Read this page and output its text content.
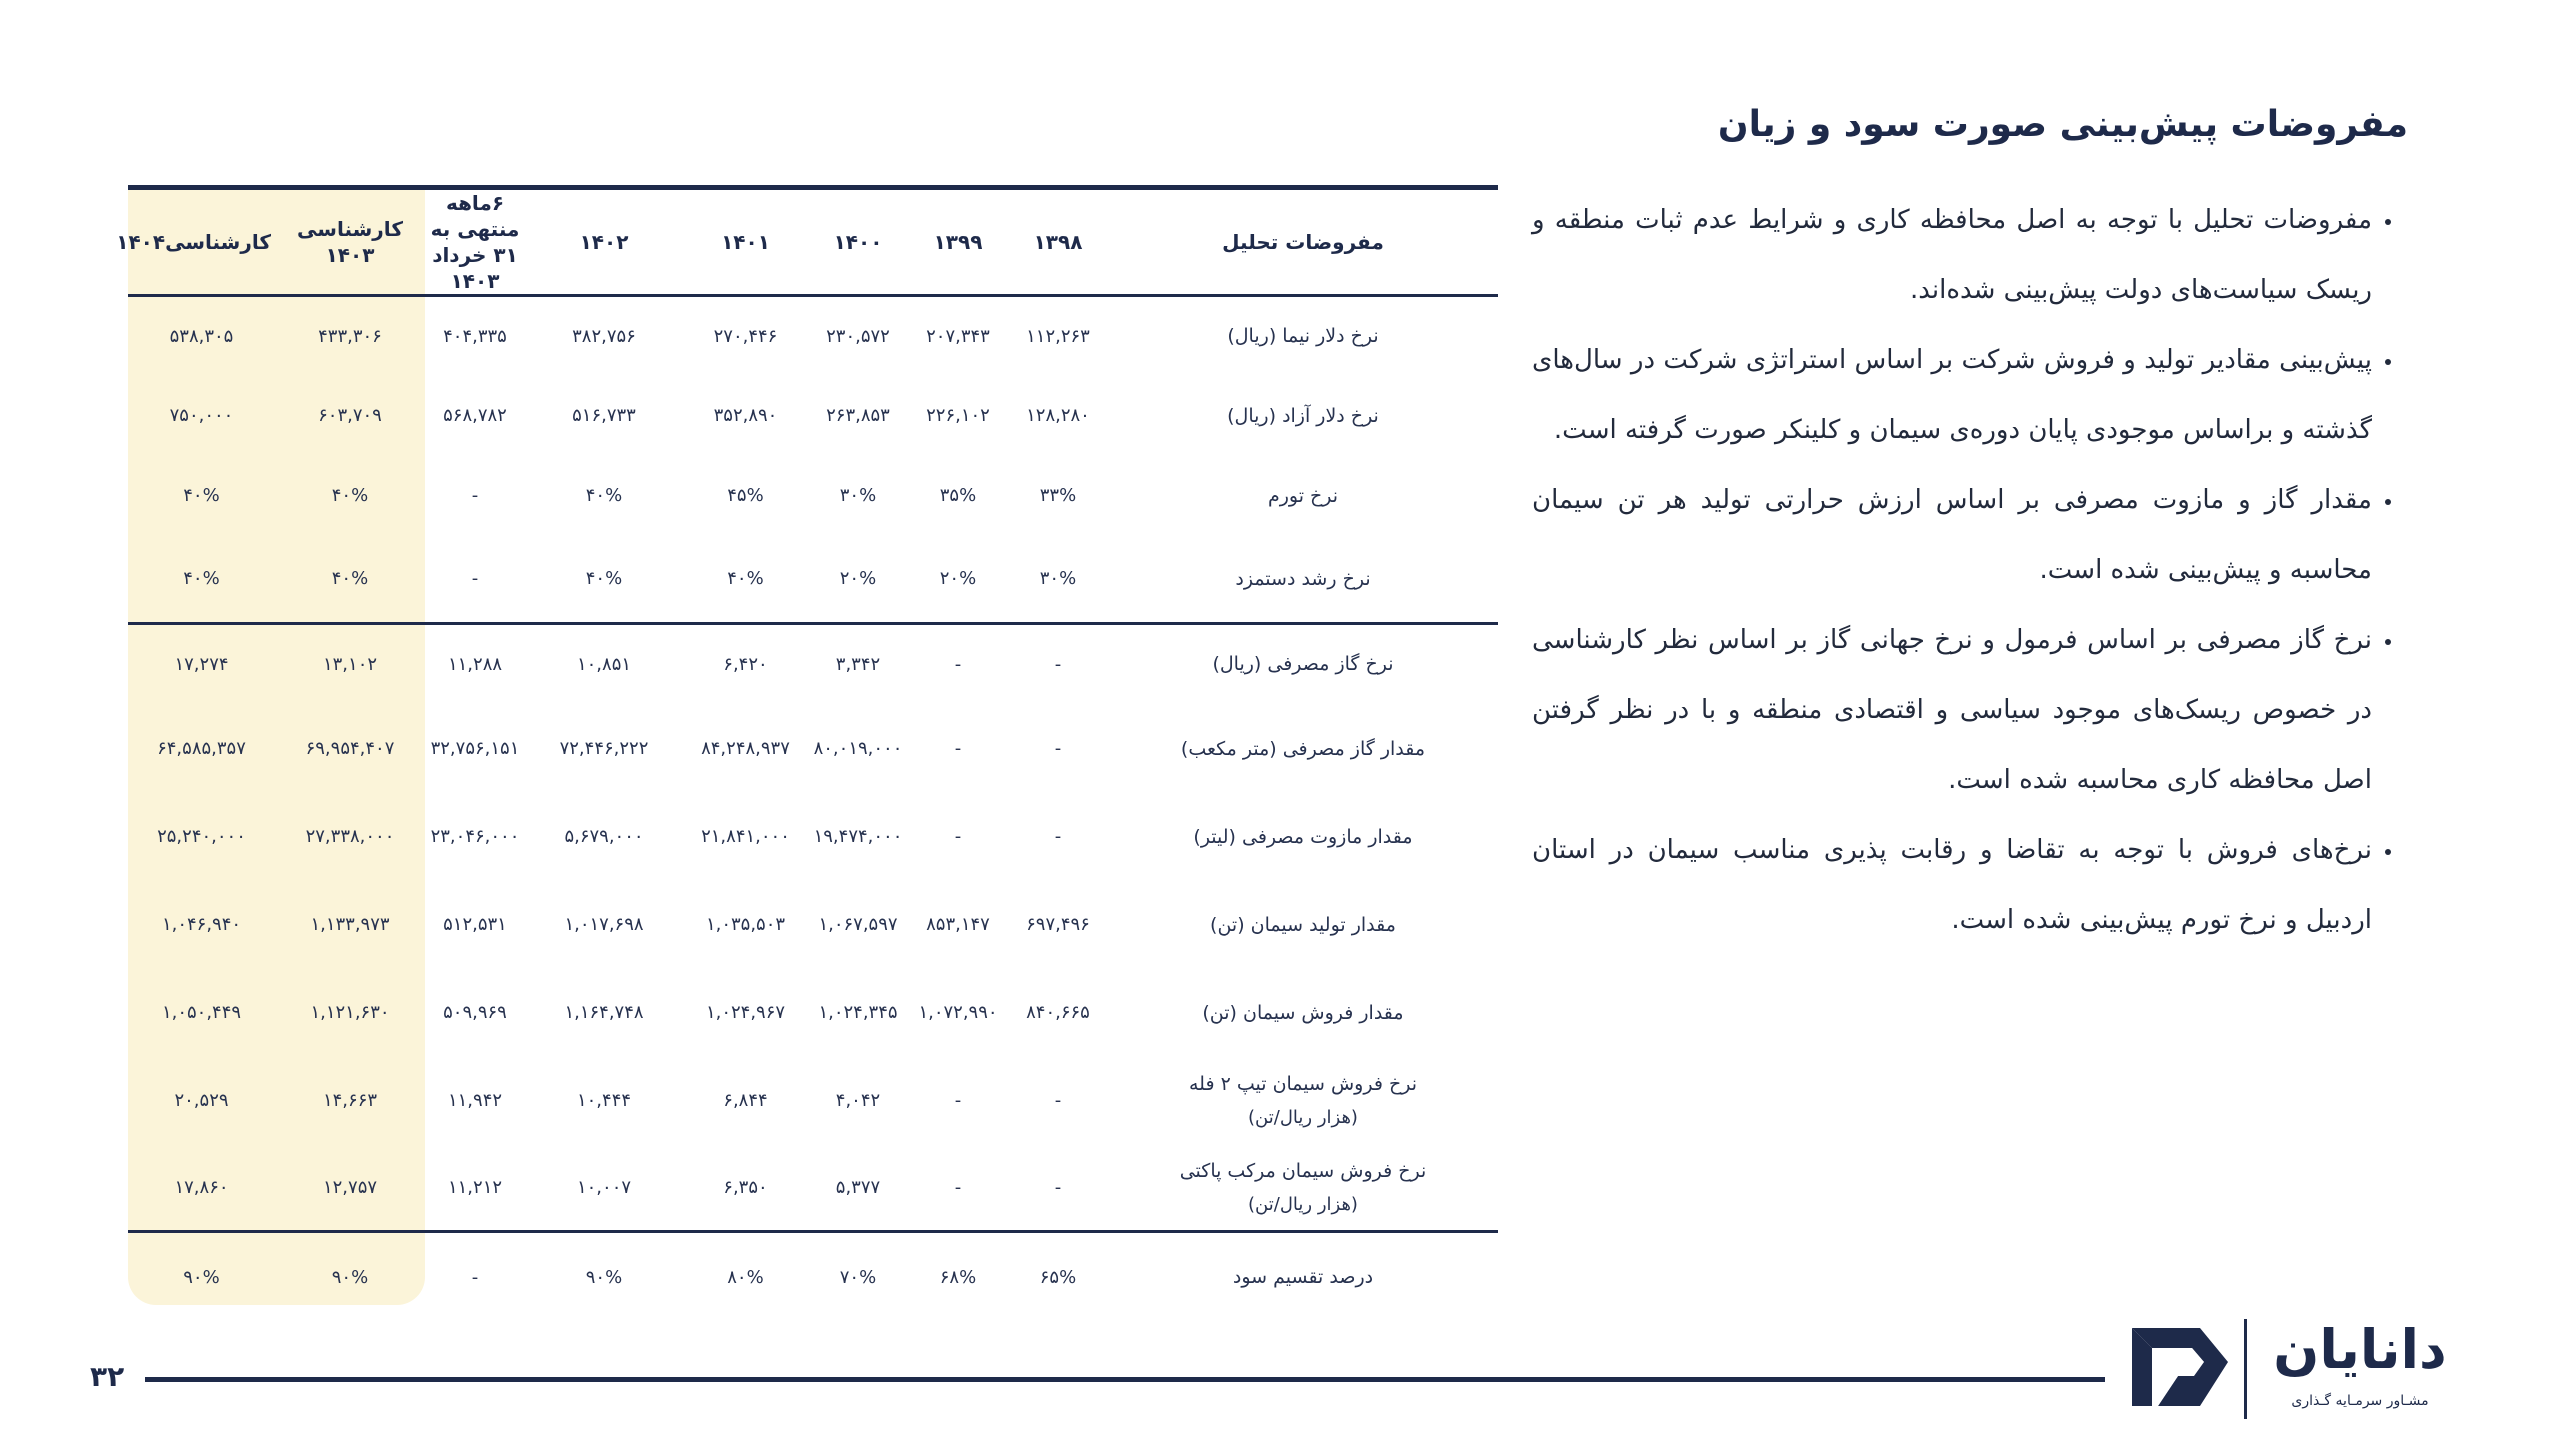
مفروضات پیش‌بینی صورت سود و زیان
• مفروضات تحلیل با توجه به اصل محافظه کاری و شرایط عدم ثبات منطقه و ریسک سیاست‌های دولت پیش‌بینی شده‌اند.
• پیش‌بینی مقادیر تولید و فروش شرکت بر اساس استراتژی شرکت در سال‌های گذشته و براساس موجودی پایان دوره‌ی سیمان و کلینکر صورت گرفته است.
• مقدار گاز و مازوت مصرفی بر اساس ارزش حرارتی تولید هر تن سیمان محاسبه و پیش‌بینی شده است.
• نرخ گاز مصرفی بر اساس فرمول و نرخ جهانی گاز بر اساس نظر کارشناسی در خصوص ریسک‌های موجود سیاسی و اقتصادی منطقه و با در نظر گرفتن اصل محافظه کاری محاسبه شده است.
• نرخ‌های فروش با توجه به تقاضا و رقابت پذیری مناسب سیمان در استان اردبیل و نرخ تورم پیش‌بینی شده است.
مفروضات تحلیل	۱۳۹۸	۱۳۹۹	۱۴۰۰	۱۴۰۱	۱۴۰۲	۶ماهه منتهی به ۳۱ خرداد ۱۴۰۳	کارشناسی ۱۴۰۳	کارشناسی۱۴۰۴
نرخ دلار نیما (ریال)	۱۱۲,۲۶۳	۲۰۷,۳۴۳	۲۳۰,۵۷۲	۲۷۰,۴۴۶	۳۸۲,۷۵۶	۴۰۴,۳۳۵	۴۳۳,۳۰۶	۵۳۸,۳۰۵
نرخ دلار آزاد (ریال)	۱۲۸,۲۸۰	۲۲۶,۱۰۲	۲۶۳,۸۵۳	۳۵۲,۸۹۰	۵۱۶,۷۳۳	۵۶۸,۷۸۲	۶۰۳,۷۰۹	۷۵۰,۰۰۰
نرخ تورم	۳۳%	۳۵%	۳۰%	۴۵%	۴۰%	-	۴۰%	۴۰%
نرخ رشد دستمزد	۳۰%	۲۰%	۲۰%	۴۰%	۴۰%	-	۴۰%	۴۰%
نرخ گاز مصرفی (ریال)	-	-	۳,۳۴۲	۶,۴۲۰	۱۰,۸۵۱	۱۱,۲۸۸	۱۳,۱۰۲	۱۷,۲۷۴
مقدار گاز مصرفی (متر مکعب)	-	-	۸۰,۰۱۹,۰۰۰	۸۴,۲۴۸,۹۳۷	۷۲,۴۴۶,۲۲۲	۳۲,۷۵۶,۱۵۱	۶۹,۹۵۴,۴۰۷	۶۴,۵۸۵,۳۵۷
مقدار مازوت مصرفی (لیتر)	-	-	۱۹,۴۷۴,۰۰۰	۲۱,۸۴۱,۰۰۰	۵,۶۷۹,۰۰۰	۲۳,۰۴۶,۰۰۰	۲۷,۳۳۸,۰۰۰	۲۵,۲۴۰,۰۰۰
مقدار تولید سیمان (تن)	۶۹۷,۴۹۶	۸۵۳,۱۴۷	۱,۰۶۷,۵۹۷	۱,۰۳۵,۵۰۳	۱,۰۱۷,۶۹۸	۵۱۲,۵۳۱	۱,۱۳۳,۹۷۳	۱,۰۴۶,۹۴۰
مقدار فروش سیمان (تن)	۸۴۰,۶۶۵	۱,۰۷۲,۹۹۰	۱,۰۲۴,۳۴۵	۱,۰۲۴,۹۶۷	۱,۱۶۴,۷۴۸	۵۰۹,۹۶۹	۱,۱۲۱,۶۳۰	۱,۰۵۰,۴۴۹
نرخ فروش سیمان تیپ ۲ فله
(هزار ریال/تن)	-	-	۴,۰۴۲	۶,۸۴۴	۱۰,۴۴۴	۱۱,۹۴۲	۱۴,۶۶۳	۲۰,۵۲۹
نرخ فروش سیمان مرکب پاکتی
(هزار ریال/تن)	-	-	۵,۳۷۷	۶,۳۵۰	۱۰,۰۰۷	۱۱,۲۱۲	۱۲,۷۵۷	۱۷,۸۶۰
درصد تقسیم سود	۶۵%	۶۸%	۷۰%	۸۰%	۹۰%	-	۹۰%	۹۰%
۳۲	دانایان
مشـاور سرمـایه گـذاری
